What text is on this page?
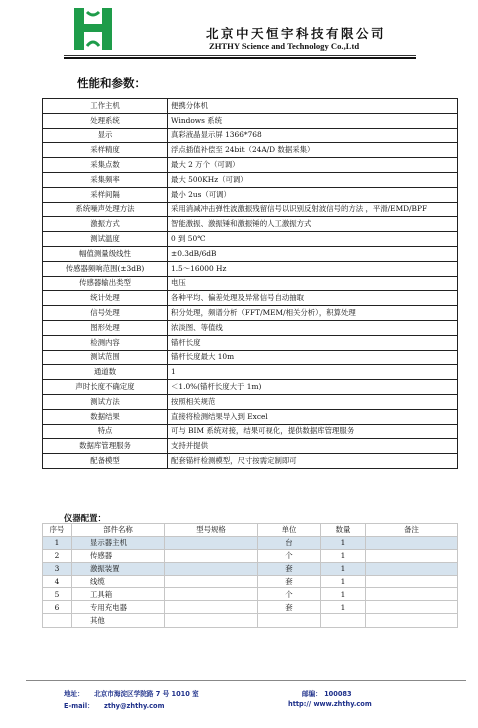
北京中天恒宇科技有限公司
ZHTHY Science and Technology Co.,Ltd
性能和参数：
工作主机	便携分体机
处理系统	Windows 系统
显示	真彩液晶显示屏 1366*768
采样精度	浮点插值补偿至 24bit（24A/D 数据采集）
采集点数	最大 2 万个（可调）
采集频率	最大 500KHz（可调）
采样间隔	最小 2us（可调）
系统噪声处理方法	采用消减冲击弹性波激振残留信号以识别反射波信号的方法 ，平滑/EMD/BPF
激振方式	智能激振、激振锤和激振锤的人工激振方式
测试温度	0 到 50℃
幅值测量级线性	±0.3dB/6dB
传感器频响范围(±3dB)	1.5～16000 Hz
传感器输出类型	电压
统计处理	各种平均、偏差处理及异常信号自动抽取
信号处理	积分处理，频谱分析（FFT/MEM/相关分析），积算处理
图形处理	浓淡图、等值线
检测内容	锚杆长度
测试范围	锚杆长度最大 10m
通道数	1
声时长度不确定度	＜1.0%(锚杆长度大于 1m)
测试方法	按照相关规范
数据结果	直接将检测结果导入到 Excel
特点	可与 BIM 系统对接，结果可视化，提供数据库管理服务
数据库管理服务	支持并提供
配备模型	配套锚杆检测模型，尺寸按需定制即可
仪器配置：
序号	部件名称	型号规格	单位	数量	备注
1	显示器主机		台	1	
2	传感器		个	1	
3	激振装置		套	1	
4	线缆		套	1	
5	工具箱		个	1	
6	专用充电器		套	1	
	其他				
地址： 北京市海淀区学院路 7 号 1010 室	邮编： 100083
E-mail： zthy@zhthy.com	http:// www.zhthy.com
